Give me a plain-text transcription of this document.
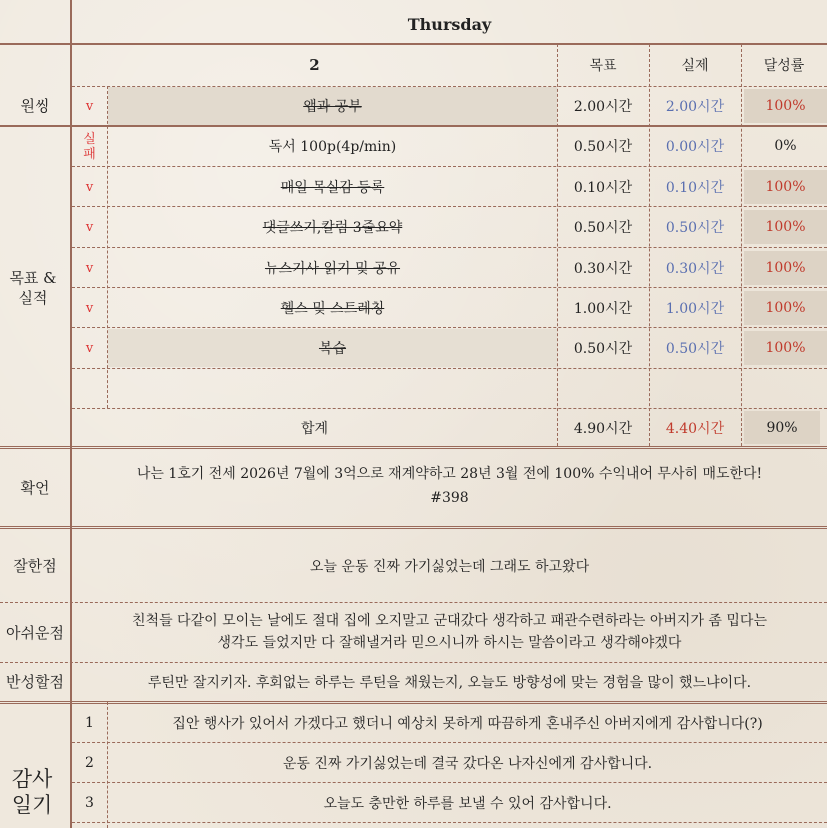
Thursday
2	목표	실제	달성률
원씽
목표 & 실적
v	앱과 공부	2.00시간	2.00시간	100%
실패	독서 100p(4p/min)	0.50시간	0.00시간	0%
v	매일 목실감 등록	0.10시간	0.10시간	100%
v	댓글쓰기,칼럼 3줄요약	0.50시간	0.50시간	100%
v	뉴스기사 읽기 및 공유	0.30시간	0.30시간	100%
v	헬스 및 스트레칭	1.00시간	1.00시간	100%
v	복습	0.50시간	0.50시간	100%
합계	4.90시간	4.40시간	90%
확언
나는 1호기 전세 2026년 7월에 3억으로 재계약하고 28년 3월 전에 100% 수익내어 무사히 매도한다!
#398
잘한점	오늘 운동 진짜 가기싫었는데 그래도 하고왔다
아쉬운점
친척들 다같이 모이는 날에도 절대 집에 오지말고 군대갔다 생각하고 패관수련하라는 아버지가 좀 밉다는
생각도 들었지만 다 잘해낼거라 믿으시니까 하시는 말씀이라고 생각해야겠다
반성할점	루틴만 잘지키자. 후회없는 하루는 루틴을 채웠는지, 오늘도 방향성에 맞는 경험을 많이 했느냐이다.
감사일기
1	집안 행사가 있어서 가겠다고 했더니 예상치 못하게 따끔하게 혼내주신 아버지에게 감사합니다(?)
2	운동 진짜 가기싫었는데 결국 갔다온 나자신에게 감사합니다.
3	오늘도 충만한 하루를 보낼 수 있어 감사합니다.
